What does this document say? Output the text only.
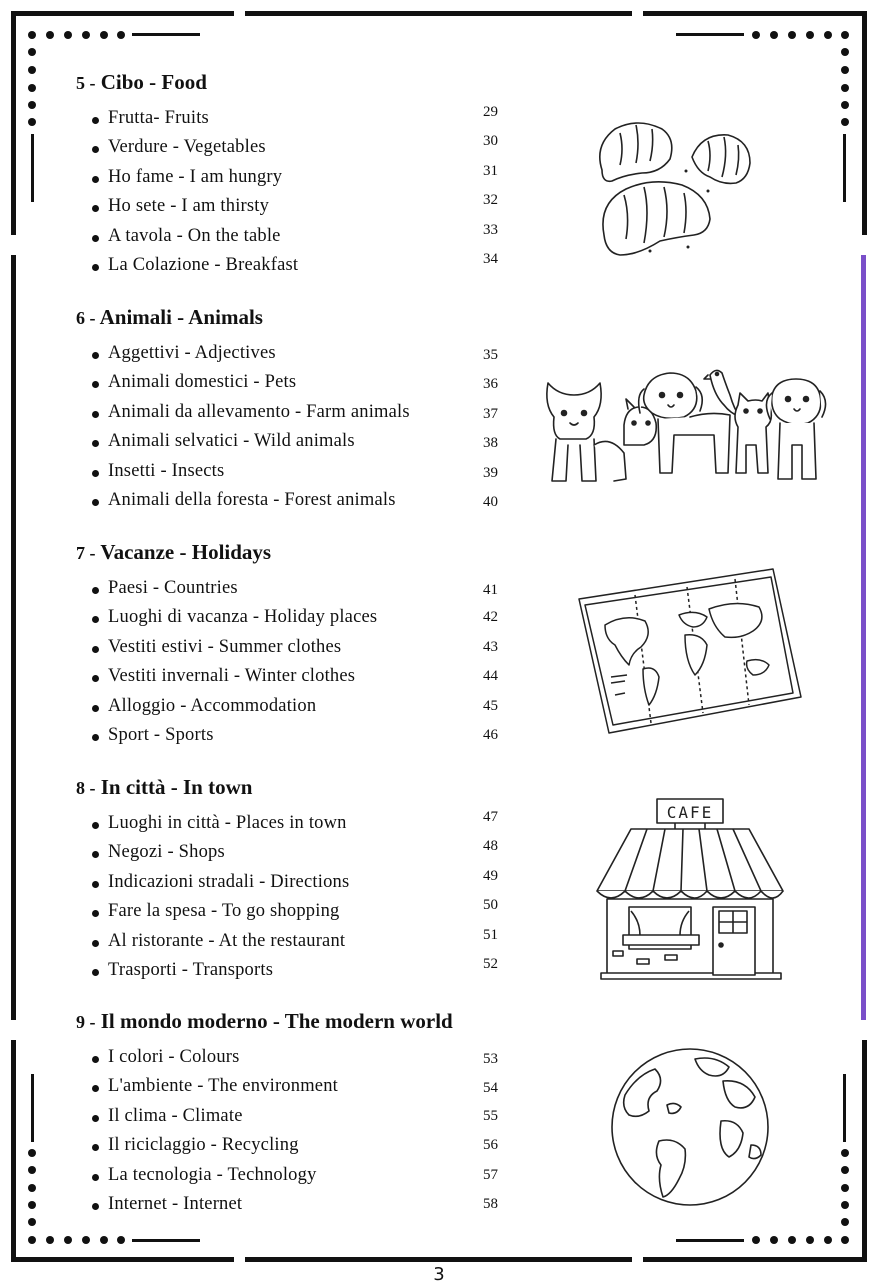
5 - Cibo - Food
Frutta- Fruits	29
Verdure - Vegetables	30
Ho fame - I am hungry	31
Ho sete - I am thirsty	32
A tavola - On the table	33
La Colazione - Breakfast	34
6 - Animali - Animals
Aggettivi - Adjectives	35
Animali domestici - Pets	36
Animali da allevamento - Farm animals	37
Animali selvatici - Wild animals	38
Insetti - Insects	39
Animali della foresta - Forest animals	40
7 - Vacanze - Holidays
Paesi - Countries	41
Luoghi di vacanza - Holiday places	42
Vestiti estivi - Summer clothes	43
Vestiti invernali - Winter clothes	44
Alloggio - Accommodation	45
Sport - Sports	46
8 - In città - In town
Luoghi in città - Places in town	47
Negozi - Shops	48
Indicazioni stradali - Directions	49
Fare la spesa - To go shopping	50
Al ristorante - At the restaurant	51
Trasporti - Transports	52
CAFE
9 - Il mondo moderno - The modern world
I colori - Colours	53
L'ambiente - The environment	54
Il clima - Climate	55
Il riciclaggio - Recycling	56
La tecnologia - Technology	57
Internet - Internet	58
3
